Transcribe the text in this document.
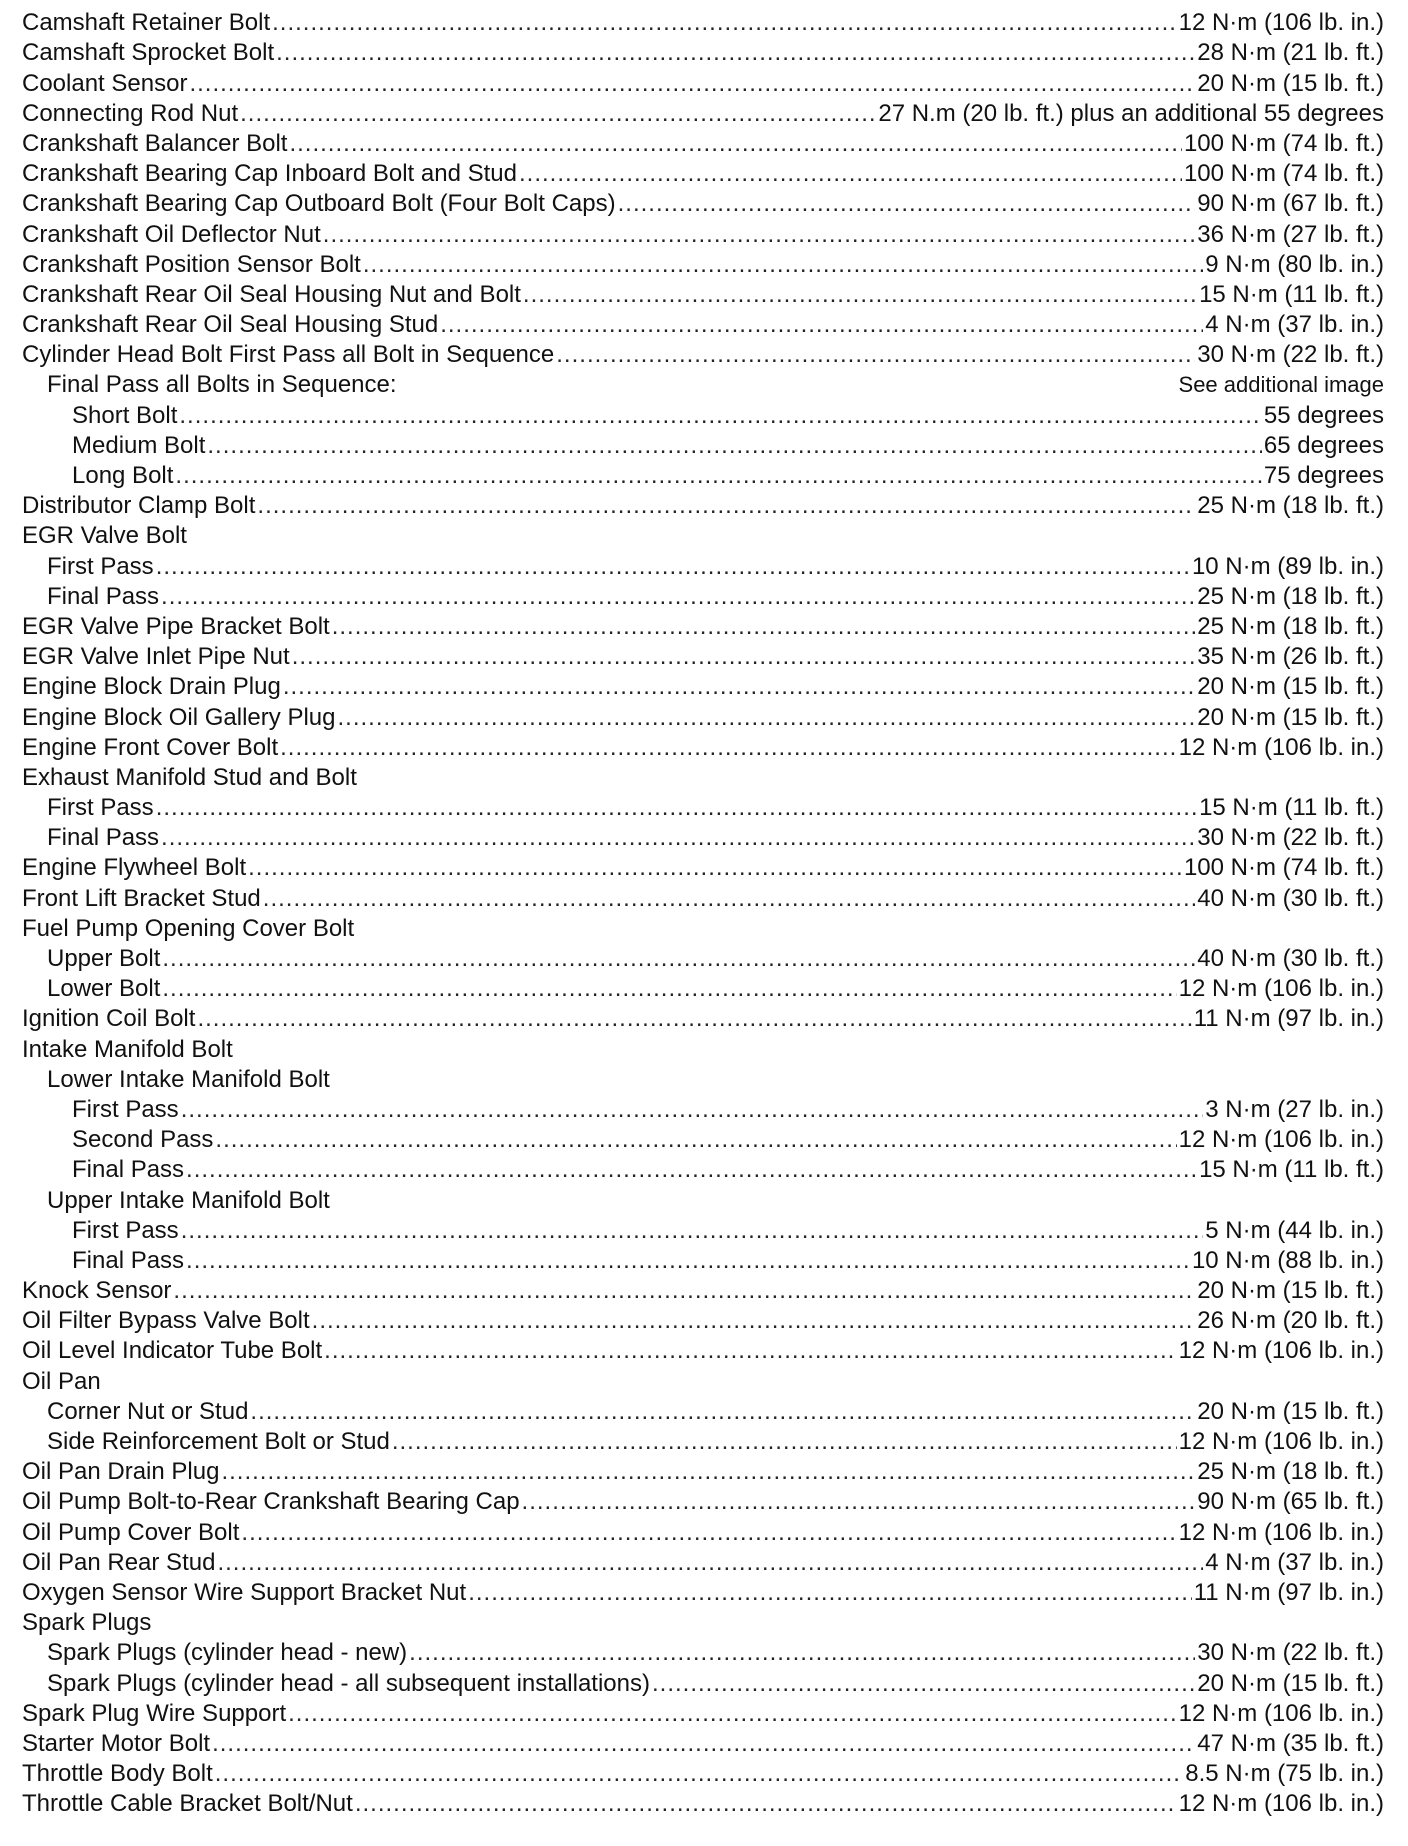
Camshaft Retainer Bolt .....	12 N·m (106 lb. in.)
Camshaft Sprocket Bolt .....	28 N·m (21 lb. ft.)
Coolant Sensor .....	20 N·m (15 lb. ft.)
Connecting Rod Nut .....	27 N.m (20 lb. ft.) plus an additional 55 degrees
Crankshaft Balancer Bolt .....	100 N·m (74 lb. ft.)
Crankshaft Bearing Cap Inboard Bolt and Stud .....	100 N·m (74 lb. ft.)
Crankshaft Bearing Cap Outboard Bolt (Four Bolt Caps) .....	90 N·m (67 lb. ft.)
Crankshaft Oil Deflector Nut .....	36 N·m (27 lb. ft.)
Crankshaft Position Sensor Bolt .....	9 N·m (80 lb. in.)
Crankshaft Rear Oil Seal Housing Nut and Bolt .....	15 N·m (11 lb. ft.)
Crankshaft Rear Oil Seal Housing Stud .....	4 N·m (37 lb. in.)
Cylinder Head Bolt First Pass all Bolt in Sequence .....	30 N·m (22 lb. ft.)
Final Pass all Bolts in Sequence:	See additional image
Short Bolt .....	55 degrees
Medium Bolt .....	65 degrees
Long Bolt .....	75 degrees
Distributor Clamp Bolt .....	25 N·m (18 lb. ft.)
EGR Valve Bolt
First Pass .....	10 N·m (89 lb. in.)
Final Pass .....	25 N·m (18 lb. ft.)
EGR Valve Pipe Bracket Bolt .....	25 N·m (18 lb. ft.)
EGR Valve Inlet Pipe Nut .....	35 N·m (26 lb. ft.)
Engine Block Drain Plug .....	20 N·m (15 lb. ft.)
Engine Block Oil Gallery Plug .....	20 N·m (15 lb. ft.)
Engine Front Cover Bolt .....	12 N·m (106 lb. in.)
Exhaust Manifold Stud and Bolt
First Pass .....	15 N·m (11 lb. ft.)
Final Pass .....	30 N·m (22 lb. ft.)
Engine Flywheel Bolt .....	100 N·m (74 lb. ft.)
Front Lift Bracket Stud .....	40 N·m (30 lb. ft.)
Fuel Pump Opening Cover Bolt
Upper Bolt .....	40 N·m (30 lb. ft.)
Lower Bolt .....	12 N·m (106 lb. in.)
Ignition Coil Bolt .....	11 N·m (97 lb. in.)
Intake Manifold Bolt
Lower Intake Manifold Bolt
First Pass .....	3 N·m (27 lb. in.)
Second Pass .....	12 N·m (106 lb. in.)
Final Pass .....	15 N·m (11 lb. ft.)
Upper Intake Manifold Bolt
First Pass .....	5 N·m (44 lb. in.)
Final Pass .....	10 N·m (88 lb. in.)
Knock Sensor .....	20 N·m (15 lb. ft.)
Oil Filter Bypass Valve Bolt .....	26 N·m (20 lb. ft.)
Oil Level Indicator Tube Bolt .....	12 N·m (106 lb. in.)
Oil Pan
Corner Nut or Stud .....	20 N·m (15 lb. ft.)
Side Reinforcement Bolt or Stud .....	12 N·m (106 lb. in.)
Oil Pan Drain Plug .....	25 N·m (18 lb. ft.)
Oil Pump Bolt-to-Rear Crankshaft Bearing Cap .....	90 N·m (65 lb. ft.)
Oil Pump Cover Bolt .....	12 N·m (106 lb. in.)
Oil Pan Rear Stud .....	4 N·m (37 lb. in.)
Oxygen Sensor Wire Support Bracket Nut .....	11 N·m (97 lb. in.)
Spark Plugs
Spark Plugs (cylinder head - new) .....	30 N·m (22 lb. ft.)
Spark Plugs (cylinder head - all subsequent installations) .....	20 N·m (15 lb. ft.)
Spark Plug Wire Support .....	12 N·m (106 lb. in.)
Starter Motor Bolt .....	47 N·m (35 lb. ft.)
Throttle Body Bolt .....	8.5 N·m (75 lb. in.)
Throttle Cable Bracket Bolt/Nut .....	12 N·m (106 lb. in.)
